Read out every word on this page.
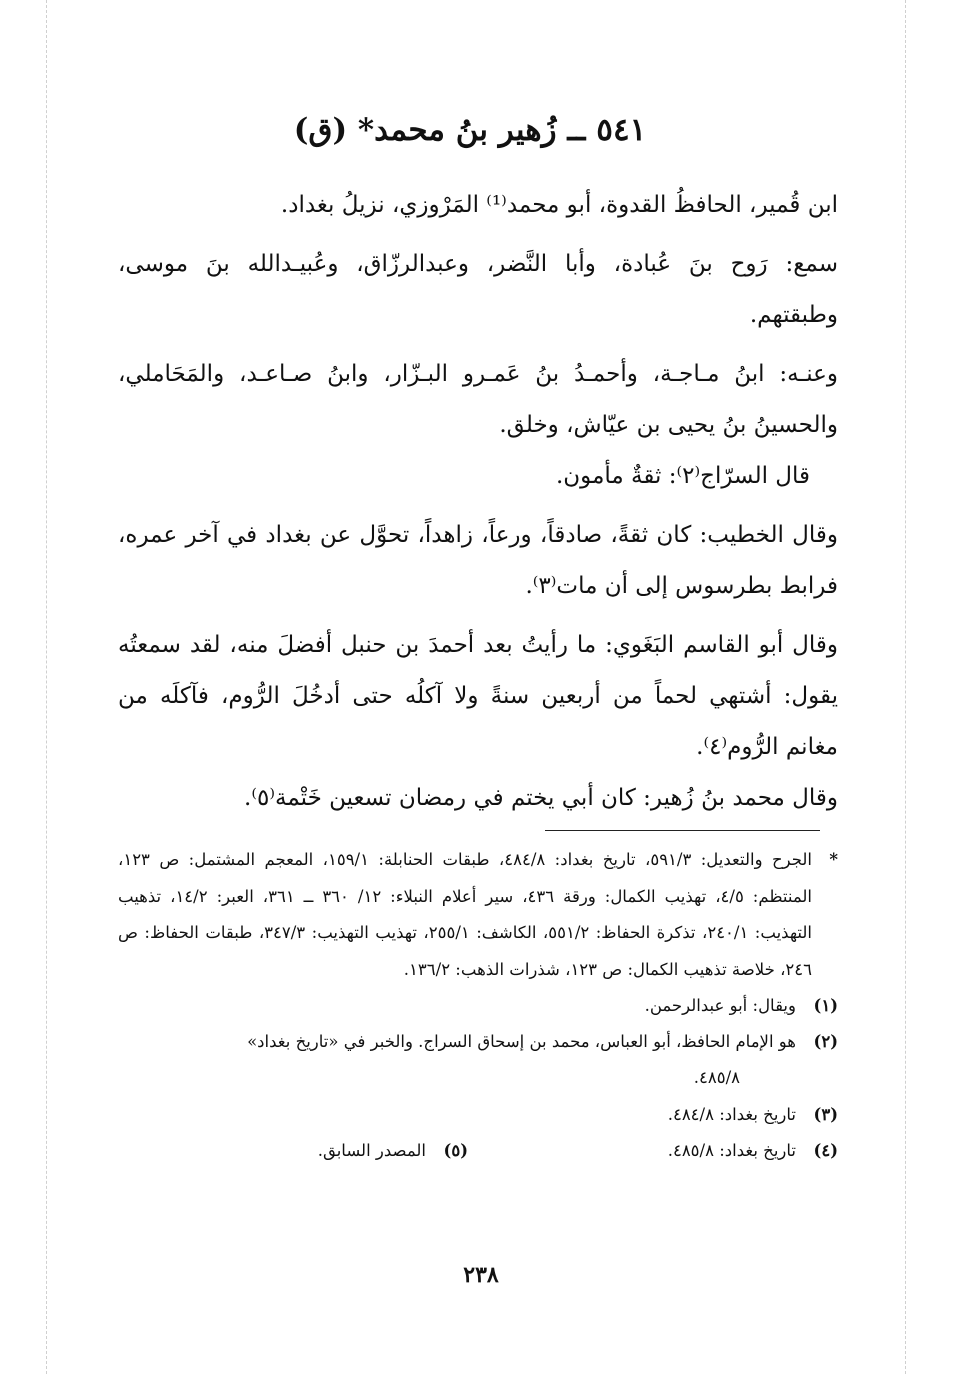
٥٤١ ــ زُهير بنُ محمد* (ق)

ابن قُمير، الحافظُ القدوة، أبو محمد⁽¹⁾ المَرْوزي، نزيلُ بغداد.

سمع: رَوح بنَ عُبادة، وأبا النَّضر، وعبدالرزّاق، وعُبيـدالله بنَ موسى، وطبقتهم.

وعنـه: ابنُ مـاجـة، وأحمـدُ بنُ عَمـرو البـزّار، وابنُ صـاعـد، والمَحَاملي، والحسينُ بنُ يحيى بن عيّاش، وخلق.

قال السرّاج⁽٢⁾: ثقةٌ مأمون.

وقال الخطيب: كان ثقةً، صادقاً، ورعاً، زاهداً، تحوَّل عن بغداد في آخر عمره، فرابط بطرسوس إلى أن مات⁽٣⁾.

وقال أبو القاسم البَغَوي: ما رأيتُ بعد أحمدَ بن حنبل أفضلَ منه، لقد سمعتُه يقول: أشتهي لحماً من أربعين سنةً ولا آكلُه حتى أدخُلَ الرُّوم، فآكلَه من مغانم الرُّوم⁽٤⁾.

وقال محمد بنُ زُهير: كان أبي يختم في رمضان تسعين خَتْمة⁽٥⁾.

*
الجرح والتعديل: ٥٩١/٣، تاريخ بغداد: ٤٨٤/٨، طبقات الحنابلة: ١٥٩/١، المعجم المشتمل: ص ١٢٣، المنتظم: ٤/٥، تهذيب الكمال: ورقة ٤٣٦، سير أعلام النبلاء: ١٢/ ٣٦٠ ــ ٣٦١، العبر: ١٤/٢، تذهيب التهذيب: ٢٤٠/١، تذكرة الحفاظ: ٥٥١/٢، الكاشف: ٢٥٥/١، تهذيب التهذيب: ٣٤٧/٣، طبقات الحفاظ: ص ٢٤٦، خلاصة تذهيب الكمال: ص ١٢٣، شذرات الذهب: ١٣٦/٢.
(١)
ويقال: أبو عبدالرحمن.
(٢)
هو الإمام الحافظ، أبو العباس، محمد بن إسحاق السراج. والخبر في «تاريخ بغداد»
٤٨٥/٨.
(٣)
تاريخ بغداد: ٤٨٤/٨.
(٤)
تاريخ بغداد: ٤٨٥/٨.
(٥)
المصدر السابق.
٢٣٨
